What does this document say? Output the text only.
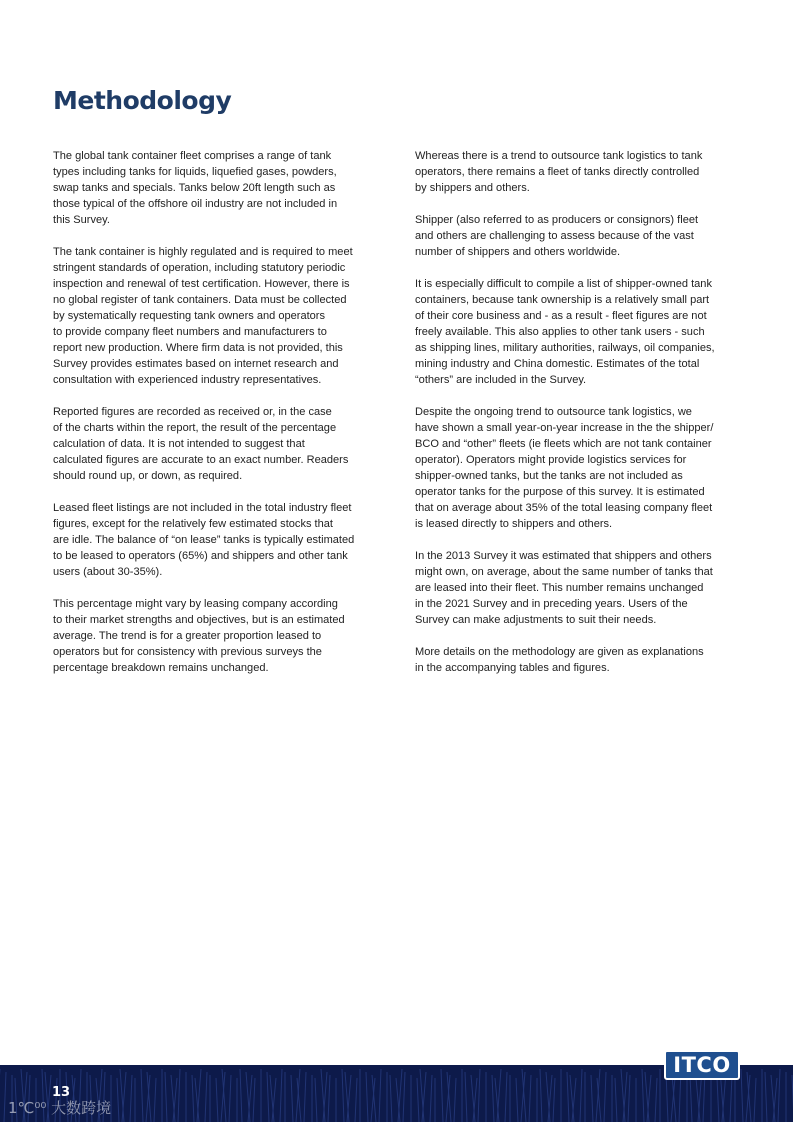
Methodology

The global tank container fleet comprises a range of tank
types including tanks for liquids, liquefied gases, powders,
swap tanks and specials. Tanks below 20ft length such as
those typical of the offshore oil industry are not included in
this Survey.

The tank container is highly regulated and is required to meet
stringent standards of operation, including statutory periodic
inspection and renewal of test certification. However, there is
no global register of tank containers. Data must be collected
by systematically requesting tank owners and operators
to provide company fleet numbers and manufacturers to
report new production. Where firm data is not provided, this
Survey provides estimates based on internet research and
consultation with experienced industry representatives.

Reported figures are recorded as received or, in the case
of the charts within the report, the result of the percentage
calculation of data. It is not intended to suggest that
calculated figures are accurate to an exact number. Readers
should round up, or down, as required.

Leased fleet listings are not included in the total industry fleet
figures, except for the relatively few estimated stocks that
are idle. The balance of “on lease” tanks is typically estimated
to be leased to operators (65%) and shippers and other tank
users (about 30-35%).

This percentage might vary by leasing company according
to their market strengths and objectives, but is an estimated
average. The trend is for a greater proportion leased to
operators but for consistency with previous surveys the
percentage breakdown remains unchanged.

Whereas there is a trend to outsource tank logistics to tank
operators, there remains a fleet of tanks directly controlled
by shippers and others.

Shipper (also referred to as producers or consignors) fleet
and others are challenging to assess because of the vast
number of shippers and others worldwide.

It is especially difficult to compile a list of shipper-owned tank
containers, because tank ownership is a relatively small part
of their core business and - as a result - fleet figures are not
freely available. This also applies to other tank users - such
as shipping lines, military authorities, railways, oil companies,
mining industry and China domestic. Estimates of the total
“others” are included in the Survey.

Despite the ongoing trend to outsource tank logistics, we
have shown a small year-on-year increase in the the shipper/
BCO and “other” fleets (ie fleets which are not tank container
operator). Operators might provide logistics services for
shipper-owned tanks, but the tanks are not included as
operator tanks for the purpose of this survey. It is estimated
that on average about 35% of the total leasing company fleet
is leased directly to shippers and others.

In the 2013 Survey it was estimated that shippers and others
might own, on average, about the same number of tanks that
are leased into their fleet. This number remains unchanged
in the 2021 Survey and in preceding years. Users of the
Survey can make adjustments to suit their needs.

More details on the methodology are given as explanations
in the accompanying tables and figures.

ITCO
13
1℃⁰⁰ 大数跨境
